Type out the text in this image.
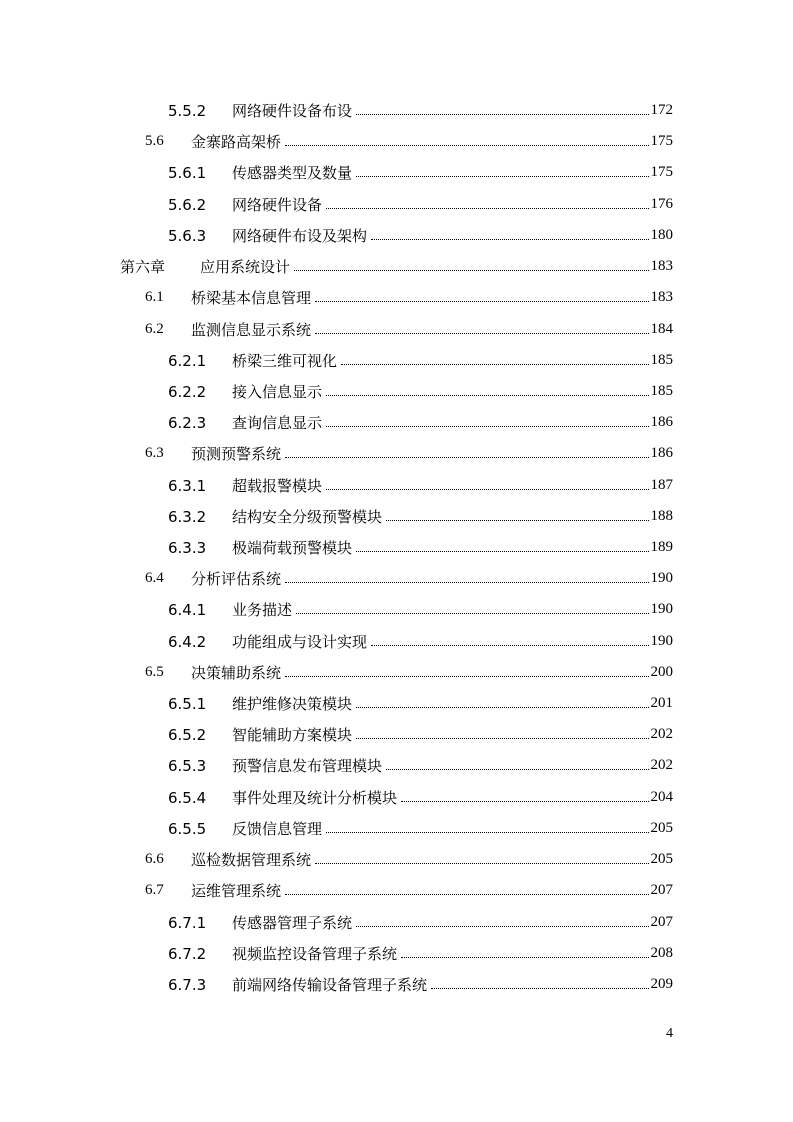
5.5.2	网络硬件设备布设	172
5.6	金寨路高架桥	175
5.6.1	传感器类型及数量	175
5.6.2	网络硬件设备	176
5.6.3	网络硬件布设及架构	180
第六章	应用系统设计	183
6.1	桥梁基本信息管理	183
6.2	监测信息显示系统	184
6.2.1	桥梁三维可视化	185
6.2.2	接入信息显示	185
6.2.3	查询信息显示	186
6.3	预测预警系统	186
6.3.1	超载报警模块	187
6.3.2	结构安全分级预警模块	188
6.3.3	极端荷载预警模块	189
6.4	分析评估系统	190
6.4.1	业务描述	190
6.4.2	功能组成与设计实现	190
6.5	决策辅助系统	200
6.5.1	维护维修决策模块	201
6.5.2	智能辅助方案模块	202
6.5.3	预警信息发布管理模块	202
6.5.4	事件处理及统计分析模块	204
6.5.5	反馈信息管理	205
6.6	巡检数据管理系统	205
6.7	运维管理系统	207
6.7.1	传感器管理子系统	207
6.7.2	视频监控设备管理子系统	208
6.7.3	前端网络传输设备管理子系统	209
4
